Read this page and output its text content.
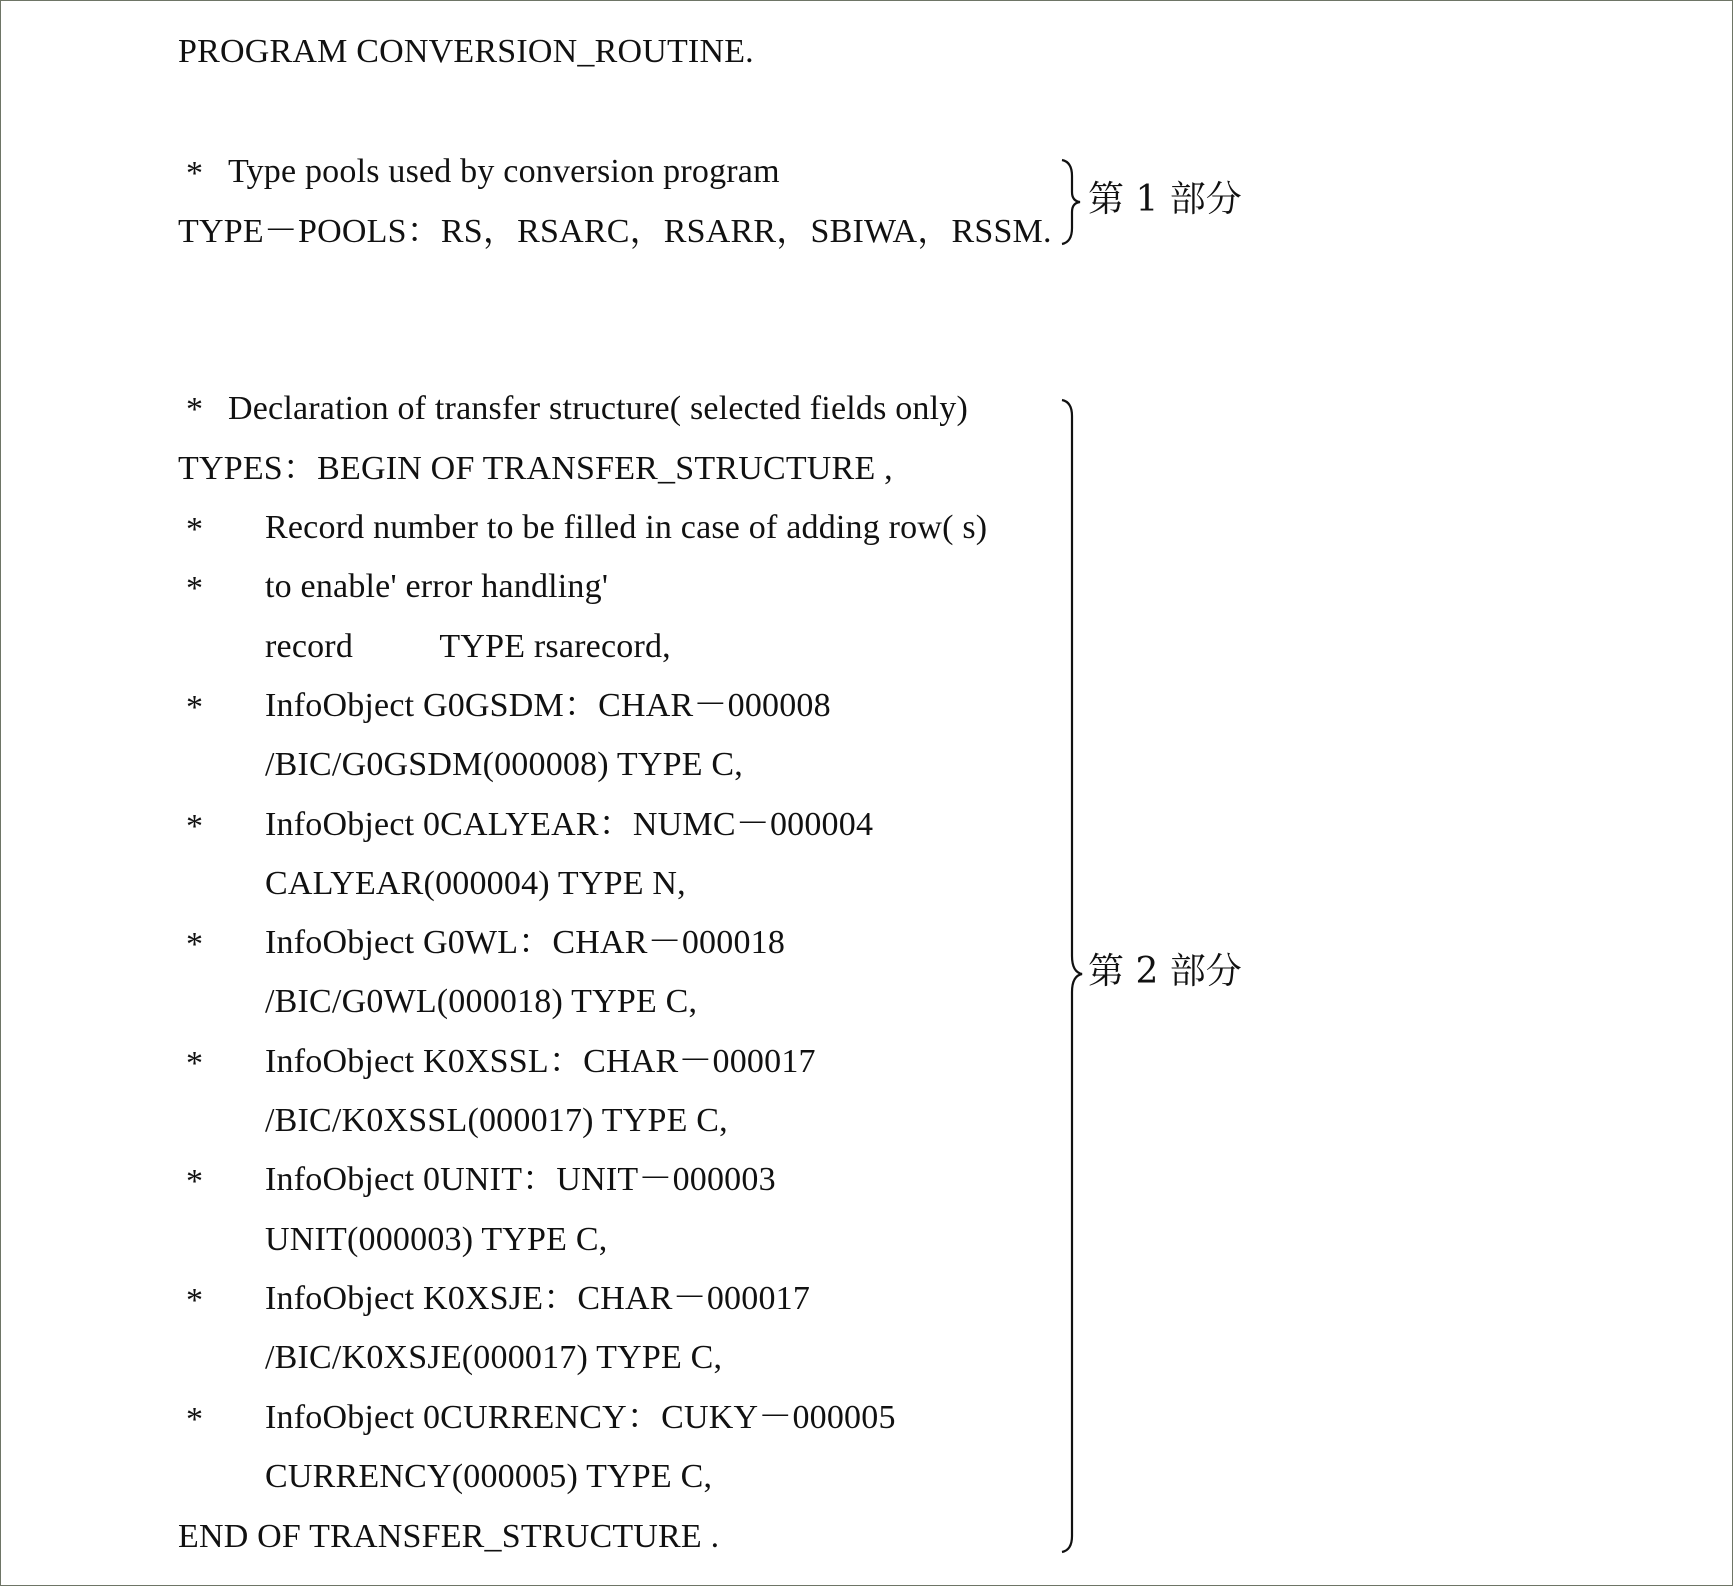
PROGRAM CONVERSION_ROUTINE.
* Type pools used by conversion program
TYPE－POOLS：RS，RSARC，RSARR，SBIWA，RSSM.
第 1 部分
* Declaration of transfer structure( selected fields only)
TYPES：BEGIN OF TRANSFER_STRUCTURE ,
* Record number to be filled in case of adding row( s)
* to enable' error handling'
record          TYPE rsarecord,
* InfoObject G0GSDM：CHAR－000008
/BIC/G0GSDM(000008) TYPE C,
* InfoObject 0CALYEAR：NUMC－000004
CALYEAR(000004) TYPE N,
* InfoObject G0WL：CHAR－000018
/BIC/G0WL(000018) TYPE C,
* InfoObject K0XSSL：CHAR－000017
/BIC/K0XSSL(000017) TYPE C,
* InfoObject 0UNIT：UNIT－000003
UNIT(000003) TYPE C,
* InfoObject K0XSJE：CHAR－000017
/BIC/K0XSJE(000017) TYPE C,
* InfoObject 0CURRENCY：CUKY－000005
CURRENCY(000005) TYPE C,
END OF TRANSFER_STRUCTURE .
第 2 部分
